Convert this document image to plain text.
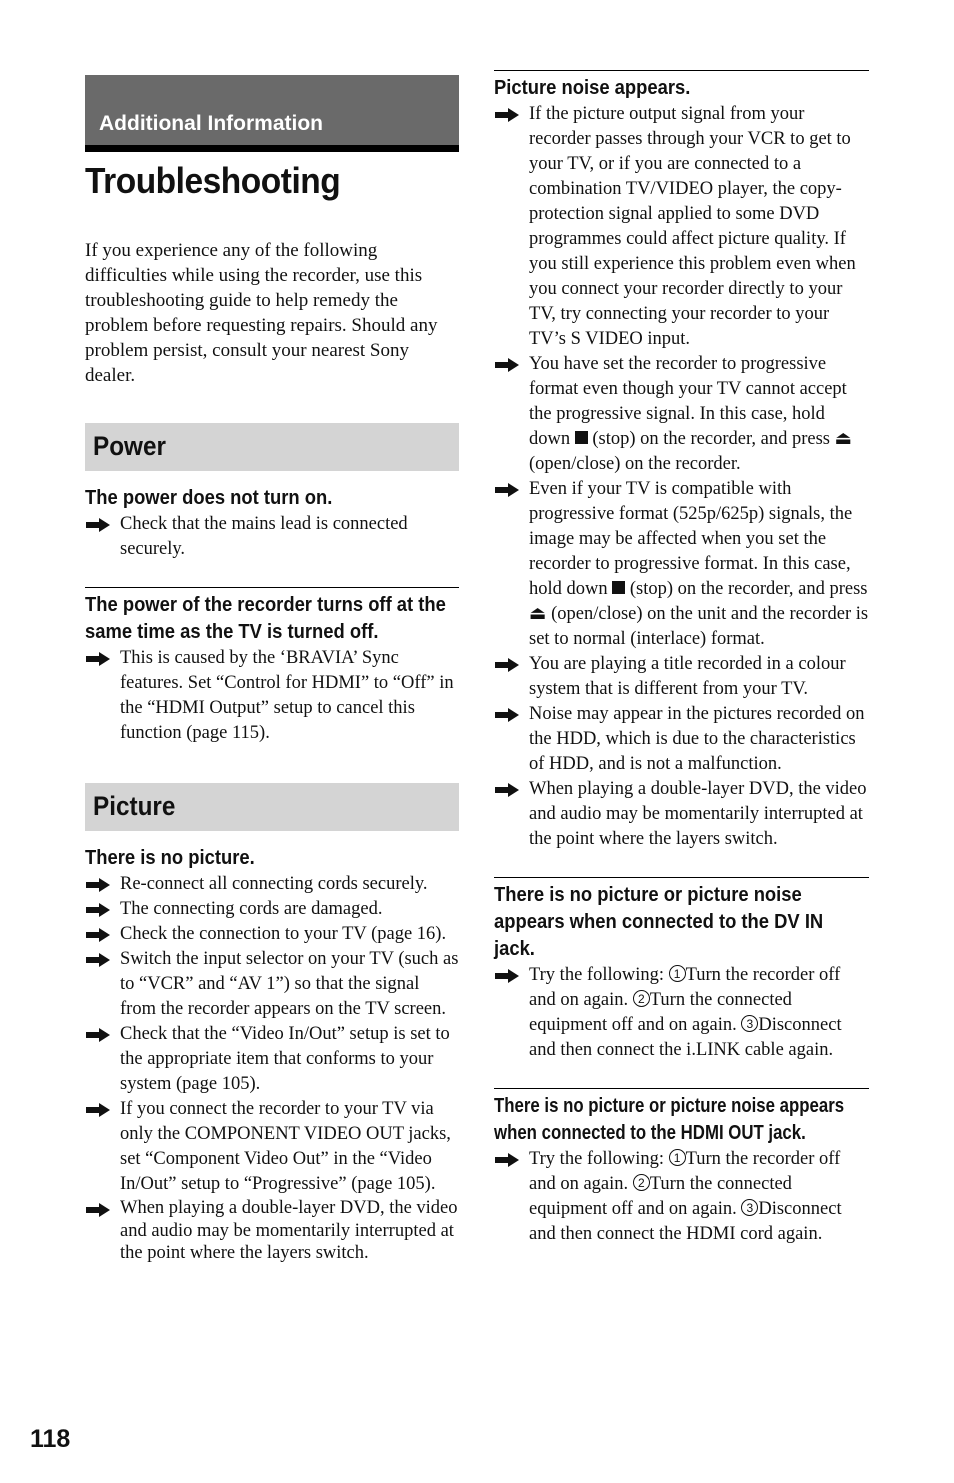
Additional Information
Troubleshooting

If you experience any of the following difficulties while using the recorder, use this troubleshooting guide to help remedy the problem before requesting repairs. Should any problem persist, consult your nearest Sony dealer.

Power
The power does not turn on.
Check that the mains lead is connected securely.
The power of the recorder turns off at the same time as the TV is turned off.
This is caused by the ‘BRAVIA’ Sync features. Set “Control for HDMI” to “Off” in the “HDMI Output” setup to cancel this function (page 115).
Picture
There is no picture.
Re-connect all connecting cords securely.
The connecting cords are damaged.
Check the connection to your TV (page 16).
Switch the input selector on your TV (such as to “VCR” and “AV 1”) so that the signal from the recorder appears on the TV screen.
Check that the “Video In/Out” setup is set to the appropriate item that conforms to your system (page 105).
If you connect the recorder to your TV via only the COMPONENT VIDEO OUT jacks, set “Component Video Out” in the “Video In/Out” setup to “Progressive” (page 105).
When playing a double-layer DVD, the video and audio may be momentarily interrupted at the point where the layers switch.
Picture noise appears.
If the picture output signal from your recorder passes through your VCR to get to your TV, or if you are connected to a combination TV/VIDEO player, the copy-protection signal applied to some DVD programmes could affect picture quality. If you still experience this problem even when you connect your recorder directly to your TV, try connecting your recorder to your TV’s S VIDEO input.
You have set the recorder to progressive format even though your TV cannot accept the progressive signal. In this case, hold down  (stop) on the recorder, and press ⏏ (open/close) on the recorder.
Even if your TV is compatible with progressive format (525p/625p) signals, the image may be affected when you set the recorder to progressive format. In this case, hold down  (stop) on the recorder, and press ⏏ (open/close) on the unit and the recorder is set to normal (interlace) format.
You are playing a title recorded in a colour system that is different from your TV.
Noise may appear in the pictures recorded on the HDD, which is due to the characteristics of HDD, and is not a malfunction.
When playing a double-layer DVD, the video and audio may be momentarily interrupted at the point where the layers switch.
There is no picture or picture noise appears when connected to the DV IN jack.
Try the following: 1 Turn the recorder off and on again. 2 Turn the connected equipment off and on again. 3 Disconnect and then connect the i.LINK cable again.
There is no picture or picture noise appears when connected to the HDMI OUT jack.
Try the following: 1 Turn the recorder off and on again. 2 Turn the connected equipment off and on again. 3 Disconnect and then connect the HDMI cord again.
118
